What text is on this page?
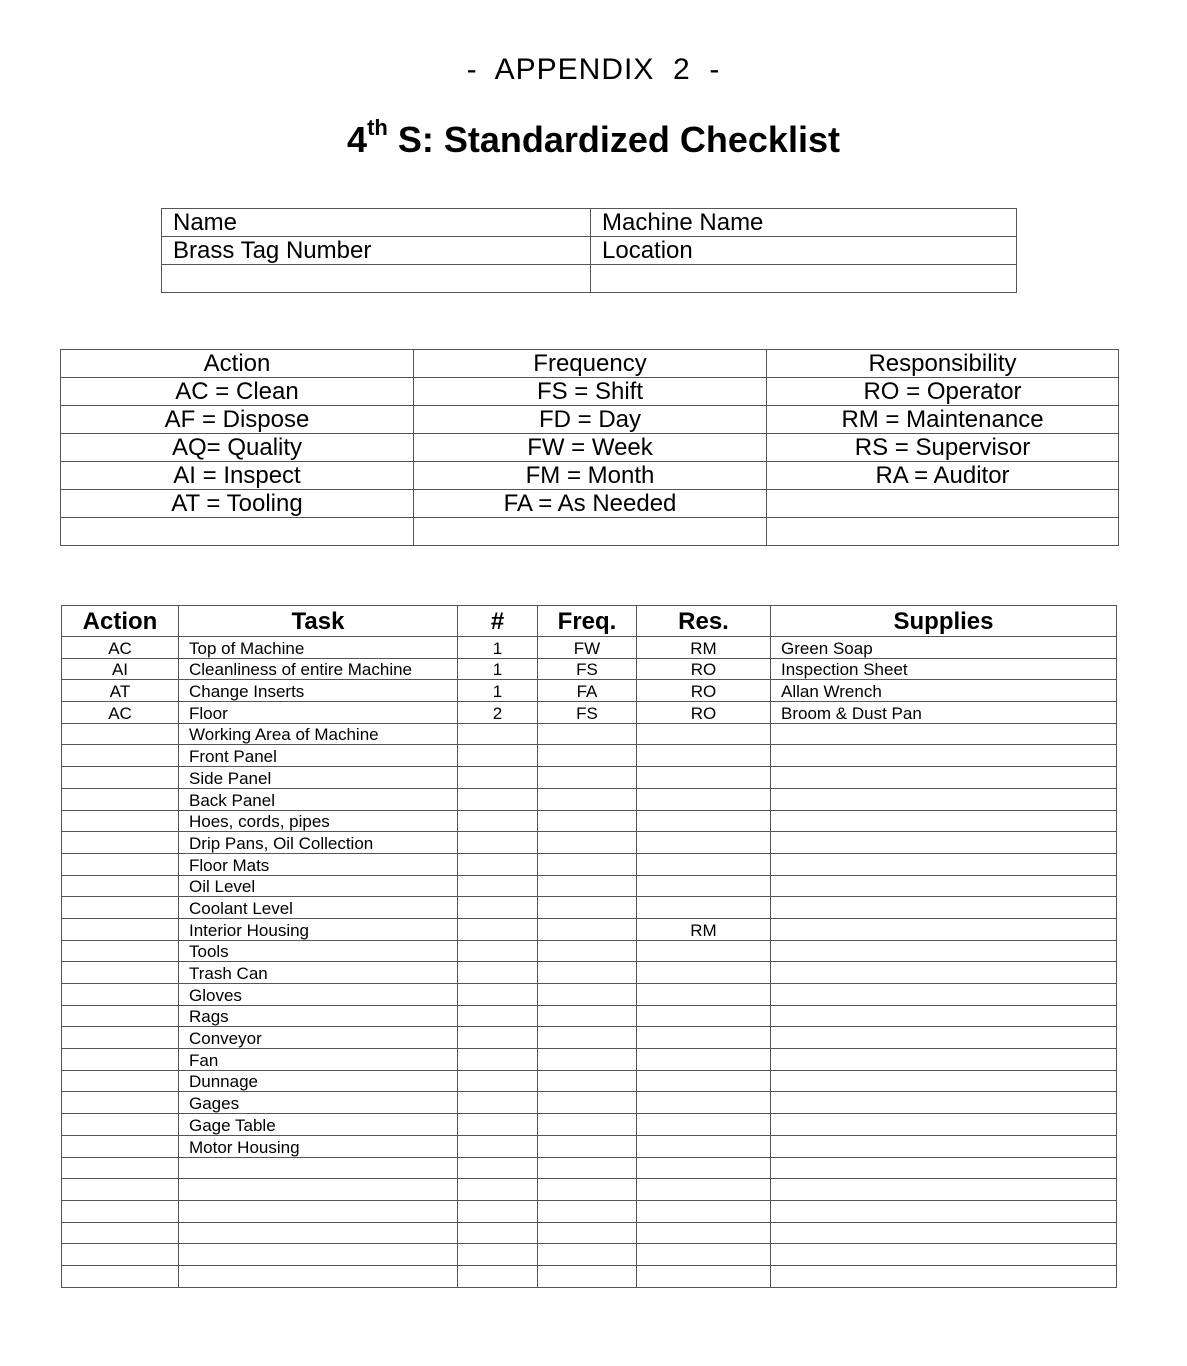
-  APPENDIX  2  -
4th S: Standardized Checklist
Name	Machine Name
Brass Tag Number	Location

Action	Frequency	Responsibility
AC = Clean	FS = Shift	RO = Operator
AF = Dispose	FD = Day	RM = Maintenance
AQ= Quality	FW = Week	RS = Supervisor
AI = Inspect	FM = Month	RA = Auditor
AT = Tooling	FA = As Needed	

Action	Task	#	Freq.	Res.	Supplies
AC	Top of Machine	1	FW	RM	Green Soap
AI	Cleanliness of entire Machine	1	FS	RO	Inspection Sheet
AT	Change Inserts	1	FA	RO	Allan Wrench
AC	Floor	2	FS	RO	Broom & Dust Pan
	Working Area of Machine				
	Front Panel				
	Side Panel				
	Back Panel				
	Hoes, cords, pipes				
	Drip Pans, Oil Collection				
	Floor Mats				
	Oil Level				
	Coolant Level				
	Interior Housing			RM	
	Tools				
	Trash Can				
	Gloves				
	Rags				
	Conveyor				
	Fan				
	Dunnage				
	Gages				
	Gage Table				
	Motor Housing				
